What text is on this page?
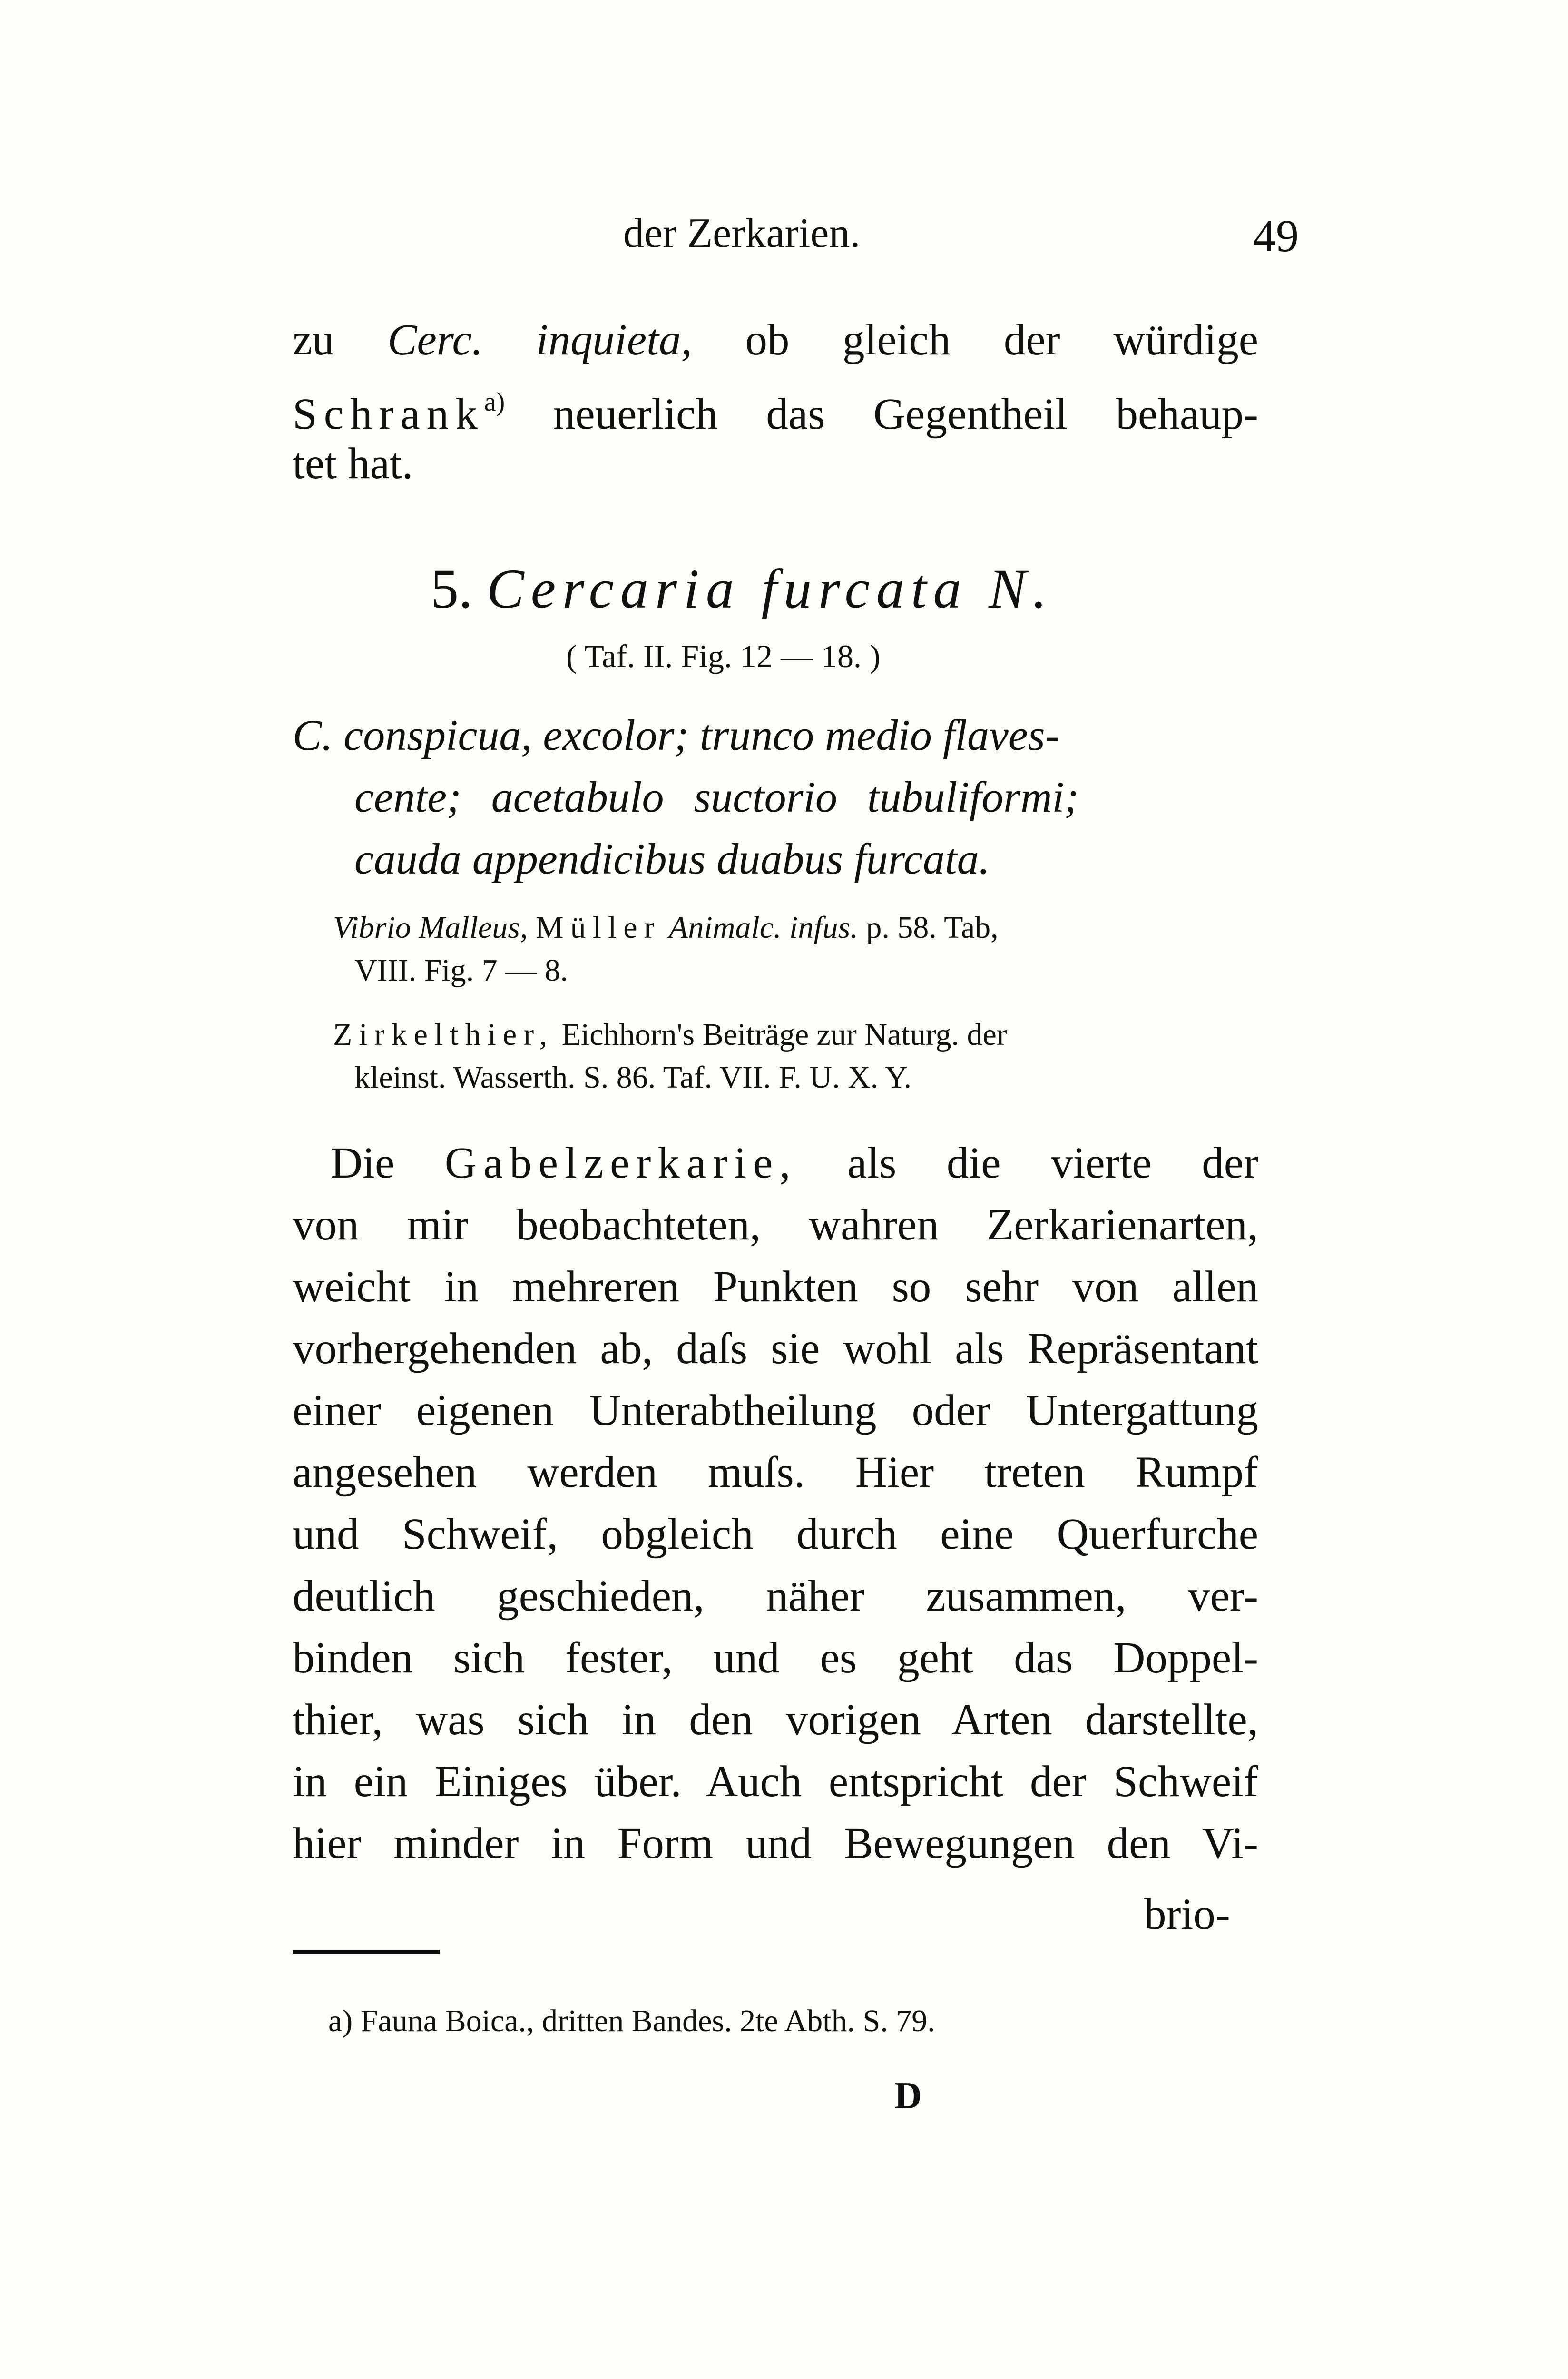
der Zerkarien.	49
zu Cerc. inquieta, ob gleich der würdige
Schrank$^{a)}$ neuerlich das Gegentheil behaup-
tet hat.
5. Cercaria furcata N.
( Taf. II. Fig. 12 — 18. )
C. conspicua, excolor; trunco medio flaves-
cente; acetabulo suctorio tubuliformi;
cauda appendicibus duabus furcata.
Vibrio Malleus, Müller Animalc. infus. p. 58. Tab,
VIII. Fig. 7 — 8.
Zirkelthier, Eichhorn's Beiträge zur Naturg. der
kleinst. Wasserth. S. 86. Taf. VII. F. U. X. Y.
Die Gabelzerkarie, als die vierte der
von mir beobachteten, wahren Zerkarienarten,
weicht in mehreren Punkten so sehr von allen
vorhergehenden ab, daſs sie wohl als Repräsentant
einer eigenen Unterabtheilung oder Untergattung
angesehen werden muſs. Hier treten Rumpf
und Schweif, obgleich durch eine Querfurche
deutlich geschieden, näher zusammen, ver-
binden sich fester, und es geht das Doppel-
thier, was sich in den vorigen Arten darstellte,
in ein Einiges über. Auch entspricht der Schweif
hier minder in Form und Bewegungen den Vi-
brio-
a) Fauna Boica., dritten Bandes. 2te Abth. S. 79.
D
